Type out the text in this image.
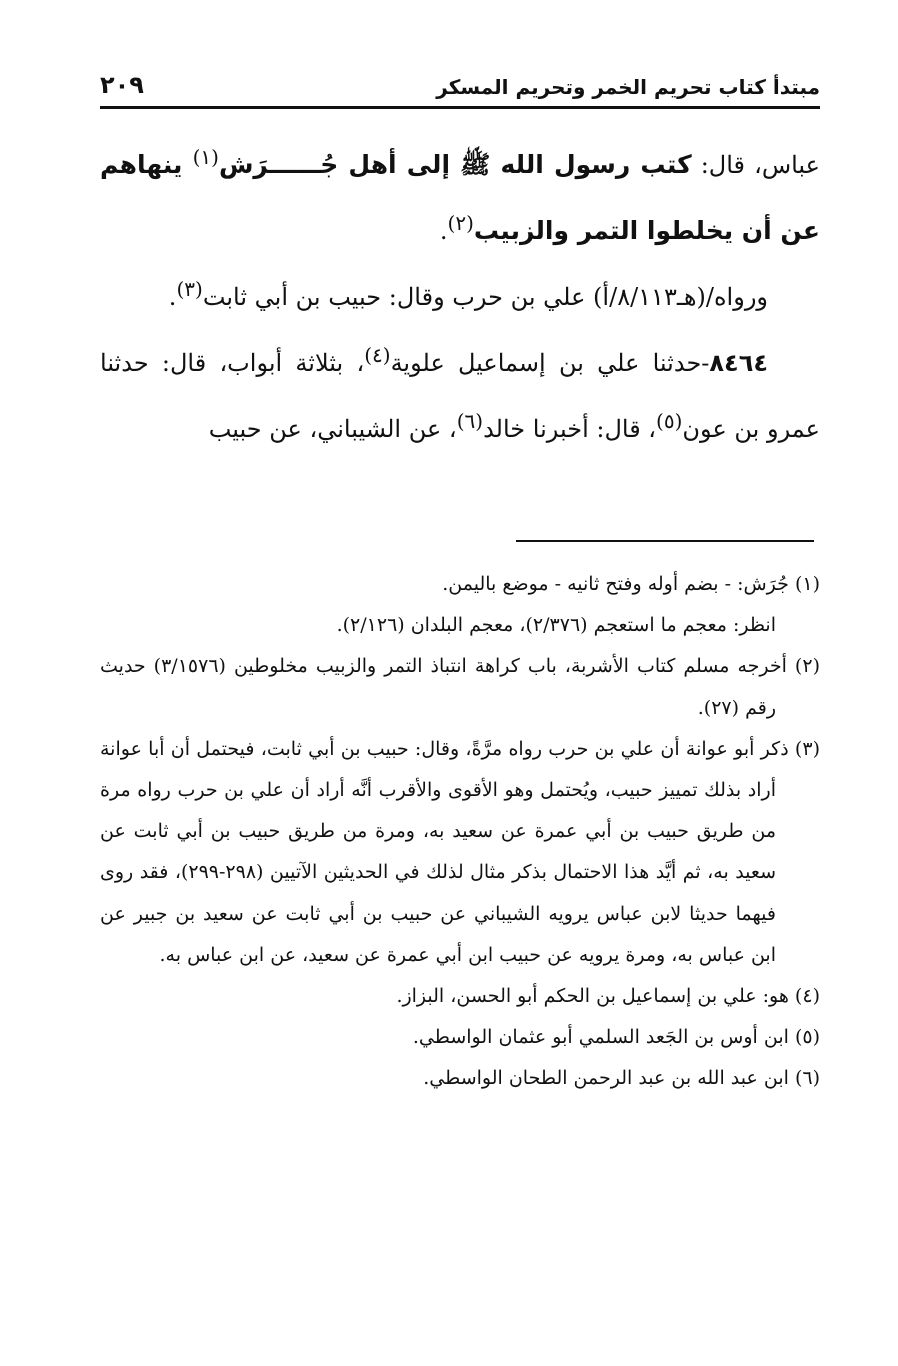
مبتدأ كتاب تحريم الخمر وتحريم المسكر
٢٠٩

عباس، قال: كتب رسول الله ﷺ إلى أهل جُــــــرَش$^{(١)}$ ينهاهم عن أن يخلطوا التمر والزبيب$^{(٢)}$.

ورواه/(هـ٨/١١٣/أ) علي بن حرب وقال: حبيب بن أبي ثابت$^{(٣)}$.

٨٤٦٤-حدثنا علي بن إسماعيل علوية$^{(٤)}$، بثلاثة أبواب، قال: حدثنا عمرو بن عون$^{(٥)}$، قال: أخبرنا خالد$^{(٦)}$، عن الشيباني، عن حبيب

(١) جُرَش: - بضم أوله وفتح ثانيه - موضع باليمن.

انظر: معجم ما استعجم (٢/٣٧٦)، معجم البلدان (٢/١٢٦).

(٢) أخرجه مسلم كتاب الأشربة، باب كراهة انتباذ التمر والزبيب مخلوطين (٣/١٥٧٦) حديث رقم (٢٧).

(٣) ذكر أبو عوانة أن علي بن حرب رواه مرَّةً، وقال: حبيب بن أبي ثابت، فيحتمل أن أبا عوانة أراد بذلك تمييز حبيب، ويُحتمل وهو الأقوى والأقرب أنَّه أراد أن علي بن حرب رواه مرة من طريق حبيب بن أبي عمرة عن سعيد به، ومرة من طريق حبيب بن أبي ثابت عن سعيد به، ثم أيَّد هذا الاحتمال بذكر مثال لذلك في الحديثين الآتيين (٢٩٨-٢٩٩)، فقد روى فيهما حديثا لابن عباس يرويه الشيباني عن حبيب بن أبي ثابت عن سعيد بن جبير عن ابن عباس به، ومرة يرويه عن حبيب ابن أبي عمرة عن سعيد، عن ابن عباس به.

(٤) هو: علي بن إسماعيل بن الحكم أبو الحسن، البزاز.

(٥) ابن أوس بن الجَعد السلمي أبو عثمان الواسطي.

(٦) ابن عبد الله بن عبد الرحمن الطحان الواسطي.
